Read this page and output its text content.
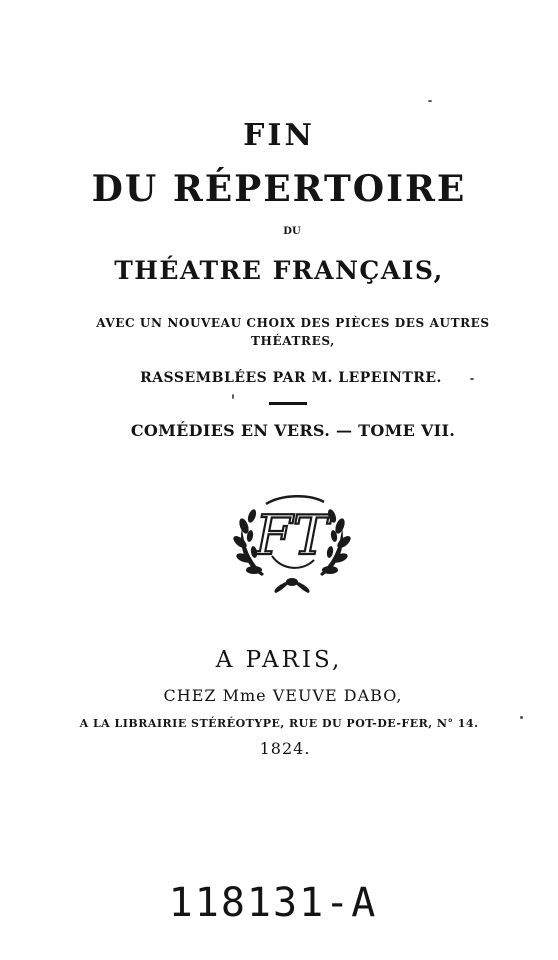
FIN
DU RÉPERTOIRE
DU
THÉATRE FRANÇAIS,
AVEC UN NOUVEAU CHOIX DES PIÈCES DES AUTRES
THÉATRES,
RASSEMBLÉES PAR M. LEPEINTRE.
COMÉDIES EN VERS. — TOME VII.
FT
A PARIS,
CHEZ Mme VEUVE DABO,
A LA LIBRAIRIE STÉRÉOTYPE, RUE DU POT-DE-FER, N° 14.
1824.
118131-A
